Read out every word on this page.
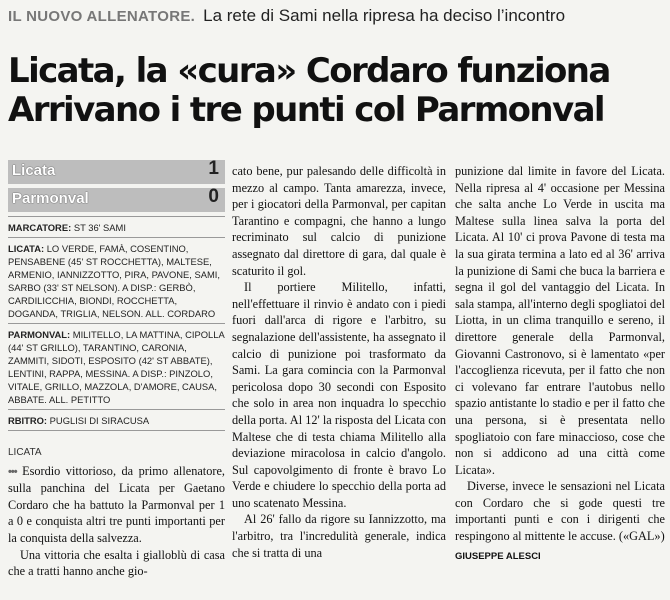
IL NUOVO ALLENATORE. La rete di Sami nella ripresa ha deciso l’incontro
Licata, la «cura» Cordaro funziona
Arrivano i tre punti col Parmonval
Licata	1
Parmonval	0
MARCATORE: ST 36' SAMI
LICATA: LO VERDE, FAMÀ, COSENTINO, PENSABENE (45' ST ROCCHETTA), MALTESE, ARMENIO, IANNIZZOTTO, PIRA, PAVONE, SAMI, SARBO (33' ST NELSON). A DISP.: GERBÒ, CARDILICCHIA, BIONDI, ROCCHETTA, DOGANDA, TRIGLIA, NELSON. ALL. CORDARO
PARMONVAL: MILITELLO, LA MATTINA, CIPOLLA (44' ST GRILLO), TARANTINO, CARONIA, ZAMMITI, SIDOTI, ESPOSITO (42' ST ABBATE), LENTINI, RAPPA, MESSINA. A DISP.: PINZOLO, VITALE, GRILLO, MAZZOLA, D'AMORE, CAUSA, ABBATE. ALL. PETITTO
RBITRO: PUGLISI DI SIRACUSA
LICATA

••• Esordio vittorioso, da primo allenatore, sulla panchina del Licata per Gaetano Cordaro che ha battuto la Parmonval per 1 a 0 e conquista altri tre punti importanti per la conquista della salvezza.

Una vittoria che esalta i gialloblù di casa che a tratti hanno anche gio-

cato bene, pur palesando delle difficoltà in mezzo al campo. Tanta amarezza, invece, per i giocatori della Parmonval, per capitan Tarantino e compagni, che hanno a lungo recriminato sul calcio di punizione assegnato dal direttore di gara, dal quale è scaturito il gol.

Il portiere Militello, infatti, nell'effettuare il rinvio è andato con i piedi fuori dall'arca di rigore e l'arbitro, su segnalazione dell'assistente, ha assegnato il calcio di punizione poi trasformato da Sami. La gara comincia con la Parmonval pericolosa dopo 30 secondi con Esposito che solo in area non inquadra lo specchio della porta. Al 12' la risposta del Licata con Maltese che di testa chiama Militello alla deviazione miracolosa in calcio d'angolo. Sul capovolgimento di fronte è bravo Lo Verde e chiudere lo specchio della porta ad uno scatenato Messina.

Al 26' fallo da rigore su Iannizzotto, ma l'arbitro, tra l'incredulità generale, indica che si tratta di una

punizione dal limite in favore del Licata. Nella ripresa al 4' occasione per Messina che salta anche Lo Verde in uscita ma Maltese sulla linea salva la porta del Licata. Al 10' ci prova Pavone di testa ma la sua girata termina a lato ed al 36' arriva la punizione di Sami che buca la barriera e segna il gol del vantaggio del Licata. In sala stampa, all'interno degli spogliatoi del Liotta, in un clima tranquillo e sereno, il direttore generale della Parmonval, Giovanni Castronovo, si è lamentato «per l'accoglienza ricevuta, per il fatto che non ci volevano far entrare l'autobus nello spazio antistante lo stadio e per il fatto che una persona, si è presentata nello spogliatoio con fare minaccioso, cose che non si addicono ad una città come Licata».

Diverse, invece le sensazioni nel Licata con Cordaro che si gode questi tre importanti punti e con i dirigenti che respingono al mittente le accuse. («GAL»)

GIUSEPPE ALESCI
